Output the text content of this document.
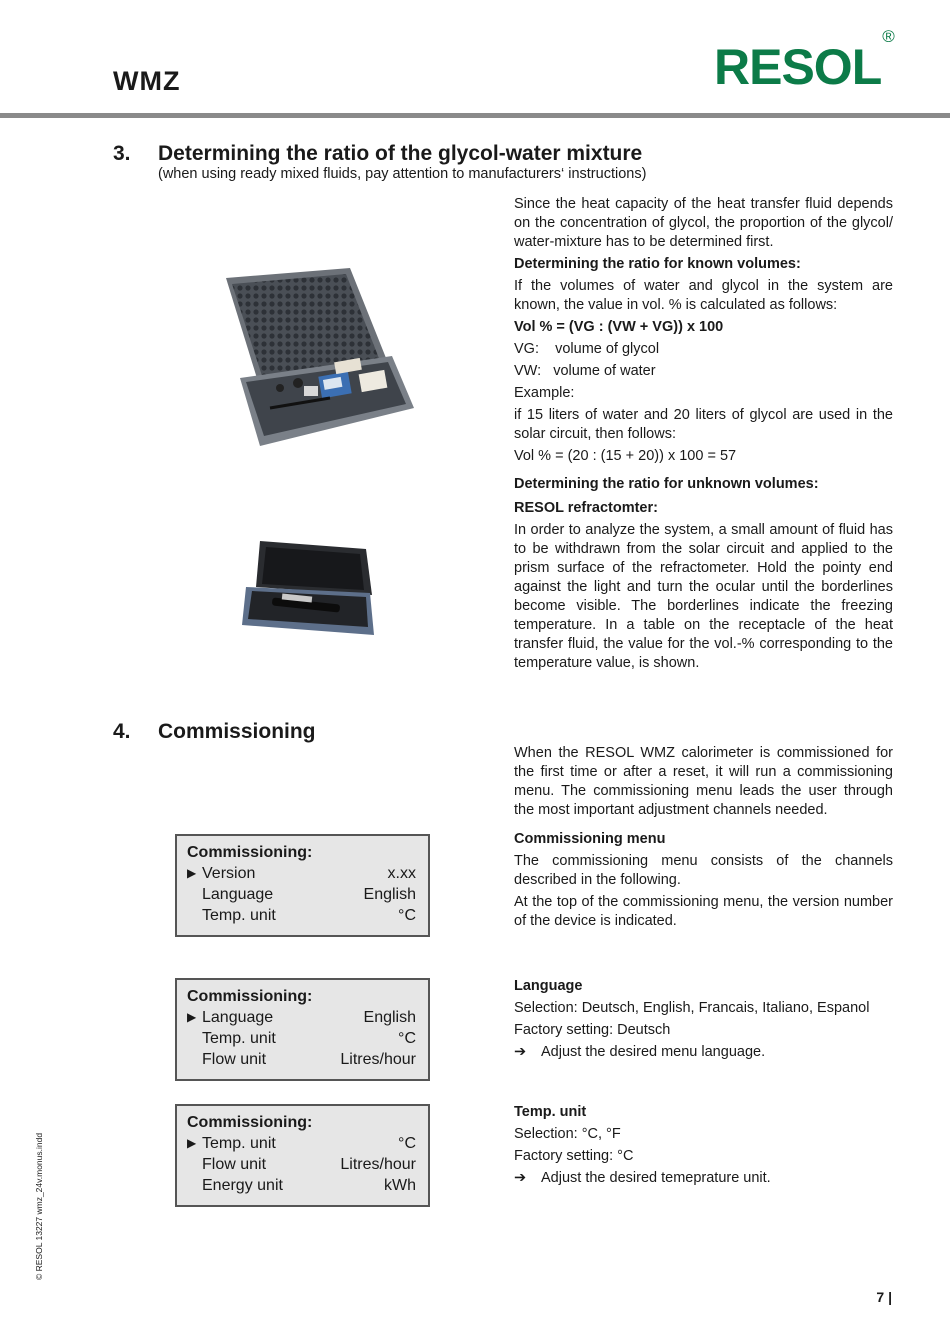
WMZ	RESOL®
3. Determining the ratio of the glycol-water mixture
(when using ready mixed fluids, pay attention to manufacturers‘ instructions)

Since the heat capacity of the heat transfer fluid depends on the concentration of glycol, the proportion of the glycol/ water-mixture has to be determined first.

Determining the ratio for known volumes:

If the volumes of water and glycol in the system are known, the value in vol. % is calculated as follows:

Vol % = (VG : (VW + VG)) x 100

VG:    volume of glycol

VW:   volume of water

Example:

if 15 liters of water and 20 liters of glycol are used in the solar circuit, then follows:

Vol % = (20 : (15 + 20)) x 100 = 57

Determining the ratio for unknown volumes:

RESOL refractomter:

In order to analyze the system, a small amount of fluid has to be withdrawn from the solar circuit and applied to the prism surface of the refractometer. Hold the pointy end against the light and turn the ocular until the borderlines become visible. The borderlines indicate the freezing temperature. In a table on the receptacle of the heat transfer fluid, the value for the vol.-% corresponding to the temperature value, is shown.

4. Commissioning

When the RESOL WMZ calorimeter is commissioned for the first time or after a reset, it will run a commissioning menu. The commissioning menu leads the user through the most important adjustment channels needed.

Commissioning menu

The commissioning menu consists of the channels described in the following.

At the top of the commissioning menu, the version number of the device is indicated.

Language

Selection: Deutsch, English, Francais, Italiano, Espanol

Factory setting: Deutsch

➔ Adjust the desired menu language.

Temp. unit

Selection: °C, °F

Factory setting: °C

➔ Adjust the desired temeprature unit.

Commissioning:
▶ Version	x.xx
Language	English
Temp. unit	°C
Commissioning:
▶ Language	English
Temp. unit	°C
Flow unit	Litres/hour
Commissioning:
▶ Temp. unit	°C
Flow unit	Litres/hour
Energy unit	kWh
© RESOL 13227 wmz_24v.monus.indd
7 |
